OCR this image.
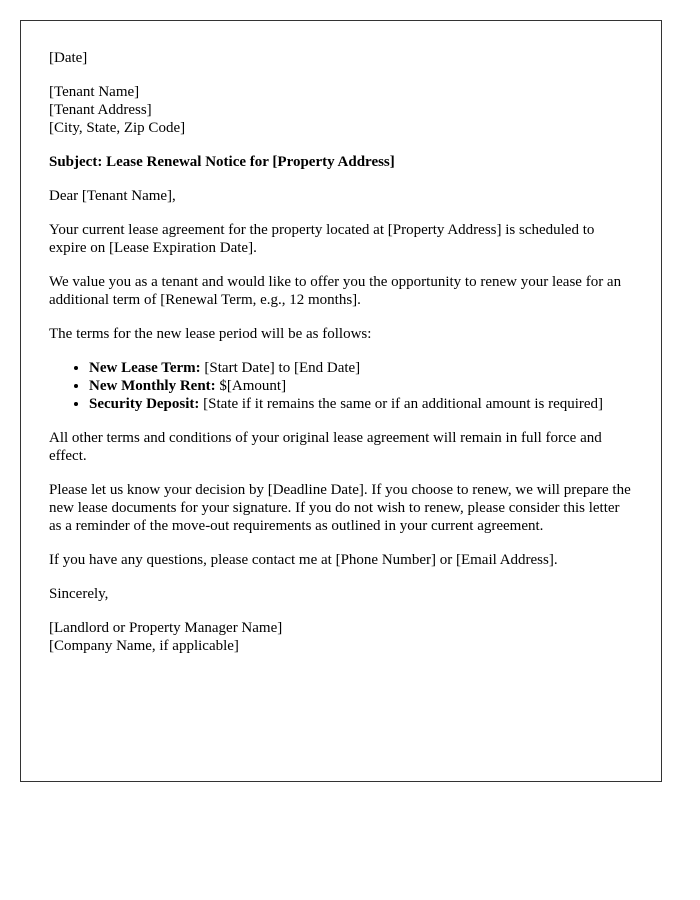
[Date]

[Tenant Name]
[Tenant Address]
[City, State, Zip Code]

Subject: Lease Renewal Notice for [Property Address]

Dear [Tenant Name],

Your current lease agreement for the property located at [Property Address] is scheduled to expire on [Lease Expiration Date].

We value you as a tenant and would like to offer you the opportunity to renew your lease for an additional term of [Renewal Term, e.g., 12 months].

The terms for the new lease period will be as follows:

• New Lease Term: [Start Date] to [End Date]
• New Monthly Rent: $[Amount]
• Security Deposit: [State if it remains the same or if an additional amount is required]

All other terms and conditions of your original lease agreement will remain in full force and effect.

Please let us know your decision by [Deadline Date]. If you choose to renew, we will prepare the new lease documents for your signature. If you do not wish to renew, please consider this letter as a reminder of the move-out requirements as outlined in your current agreement.

If you have any questions, please contact me at [Phone Number] or [Email Address].

Sincerely,

[Landlord or Property Manager Name]
[Company Name, if applicable]
